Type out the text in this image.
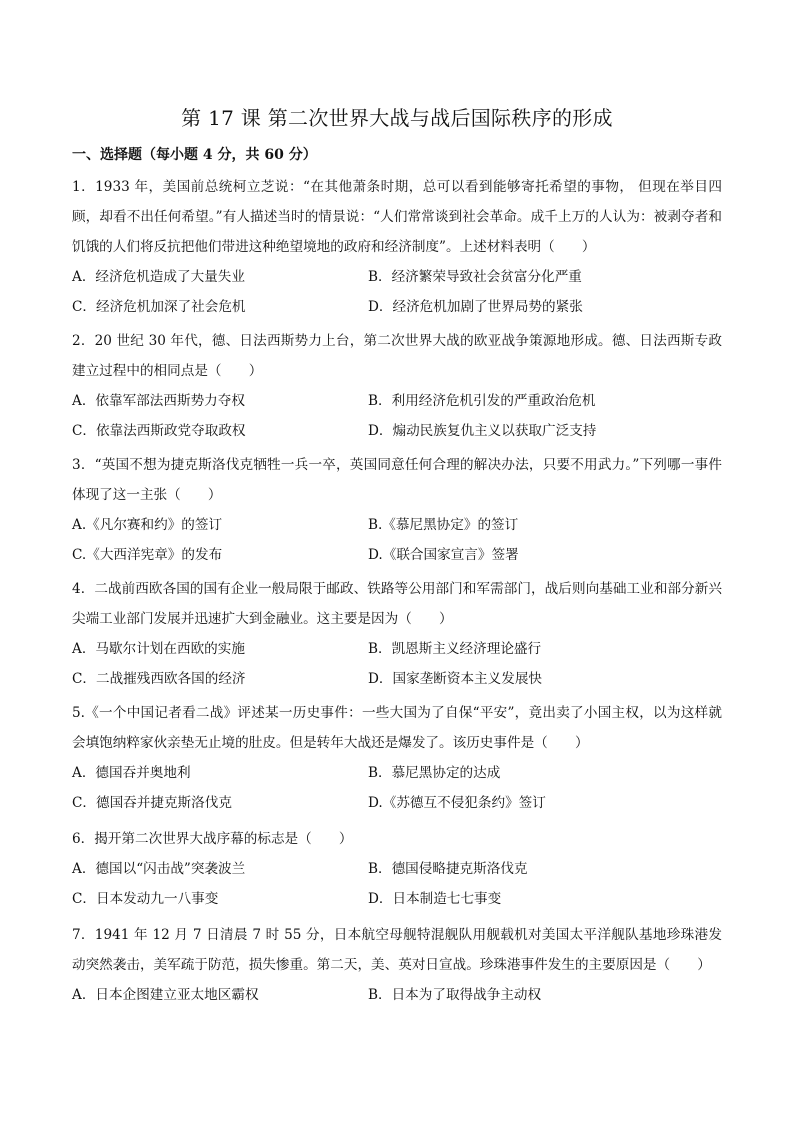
第 17 课 第二次世界大战与战后国际秩序的形成
一、选择题（每小题 4 分，共 60 分）
1．1933 年，美国前总统柯立芝说：“在其他萧条时期，总可以看到能够寄托希望的事物， 但现在举目四顾，却看不出任何希望。”有人描述当时的情景说：“人们常常谈到社会革命。成千上万的人认为：被剥夺者和饥饿的人们将反抗把他们带进这种绝望境地的政府和经济制度”。上述材料表明（　　）
A．经济危机造成了大量失业	B．经济繁荣导致社会贫富分化严重
C．经济危机加深了社会危机	D．经济危机加剧了世界局势的紧张
2．20 世纪 30 年代，德、日法西斯势力上台，第二次世界大战的欧亚战争策源地形成。德、日法西斯专政建立过程中的相同点是（　　）
A．依靠军部法西斯势力夺权	B．利用经济危机引发的严重政治危机
C．依靠法西斯政党夺取政权	D．煽动民族复仇主义以获取广泛支持
3．“英国不想为捷克斯洛伐克牺牲一兵一卒，英国同意任何合理的解决办法，只要不用武力。”下列哪一事件体现了这一主张（　　）
A.《凡尔赛和约》的签订	B.《慕尼黑协定》的签订
C.《大西洋宪章》的发布	D.《联合国家宣言》签署
4．二战前西欧各国的国有企业一般局限于邮政、铁路等公用部门和军需部门，战后则向基础工业和部分新兴尖端工业部门发展并迅速扩大到金融业。这主要是因为（　　）
A．马歇尔计划在西欧的实施	B．凯恩斯主义经济理论盛行
C．二战摧残西欧各国的经济	D．国家垄断资本主义发展快
5.《一个中国记者看二战》评述某一历史事件：一些大国为了自保“平安”，竟出卖了小国主权，以为这样就会填饱纳粹家伙亲垫无止境的肚皮。但是转年大战还是爆发了。该历史事件是（　　）
A．德国吞并奥地利	B．慕尼黑协定的达成
C．德国吞并捷克斯洛伐克	D.《苏德互不侵犯条约》签订
6．揭开第二次世界大战序幕的标志是（　　）
A．德国以“闪击战”突袭波兰	B．德国侵略捷克斯洛伐克
C．日本发动九一八事变	D．日本制造七七事变
7．1941 年 12 月 7 日清晨 7 时 55 分，日本航空母舰特混舰队用舰载机对美国太平洋舰队基地珍珠港发动突然袭击，美军疏于防范，损失惨重。第二天，美、英对日宣战。珍珠港事件发生的主要原因是（　　）
A．日本企图建立亚太地区霸权	B．日本为了取得战争主动权
